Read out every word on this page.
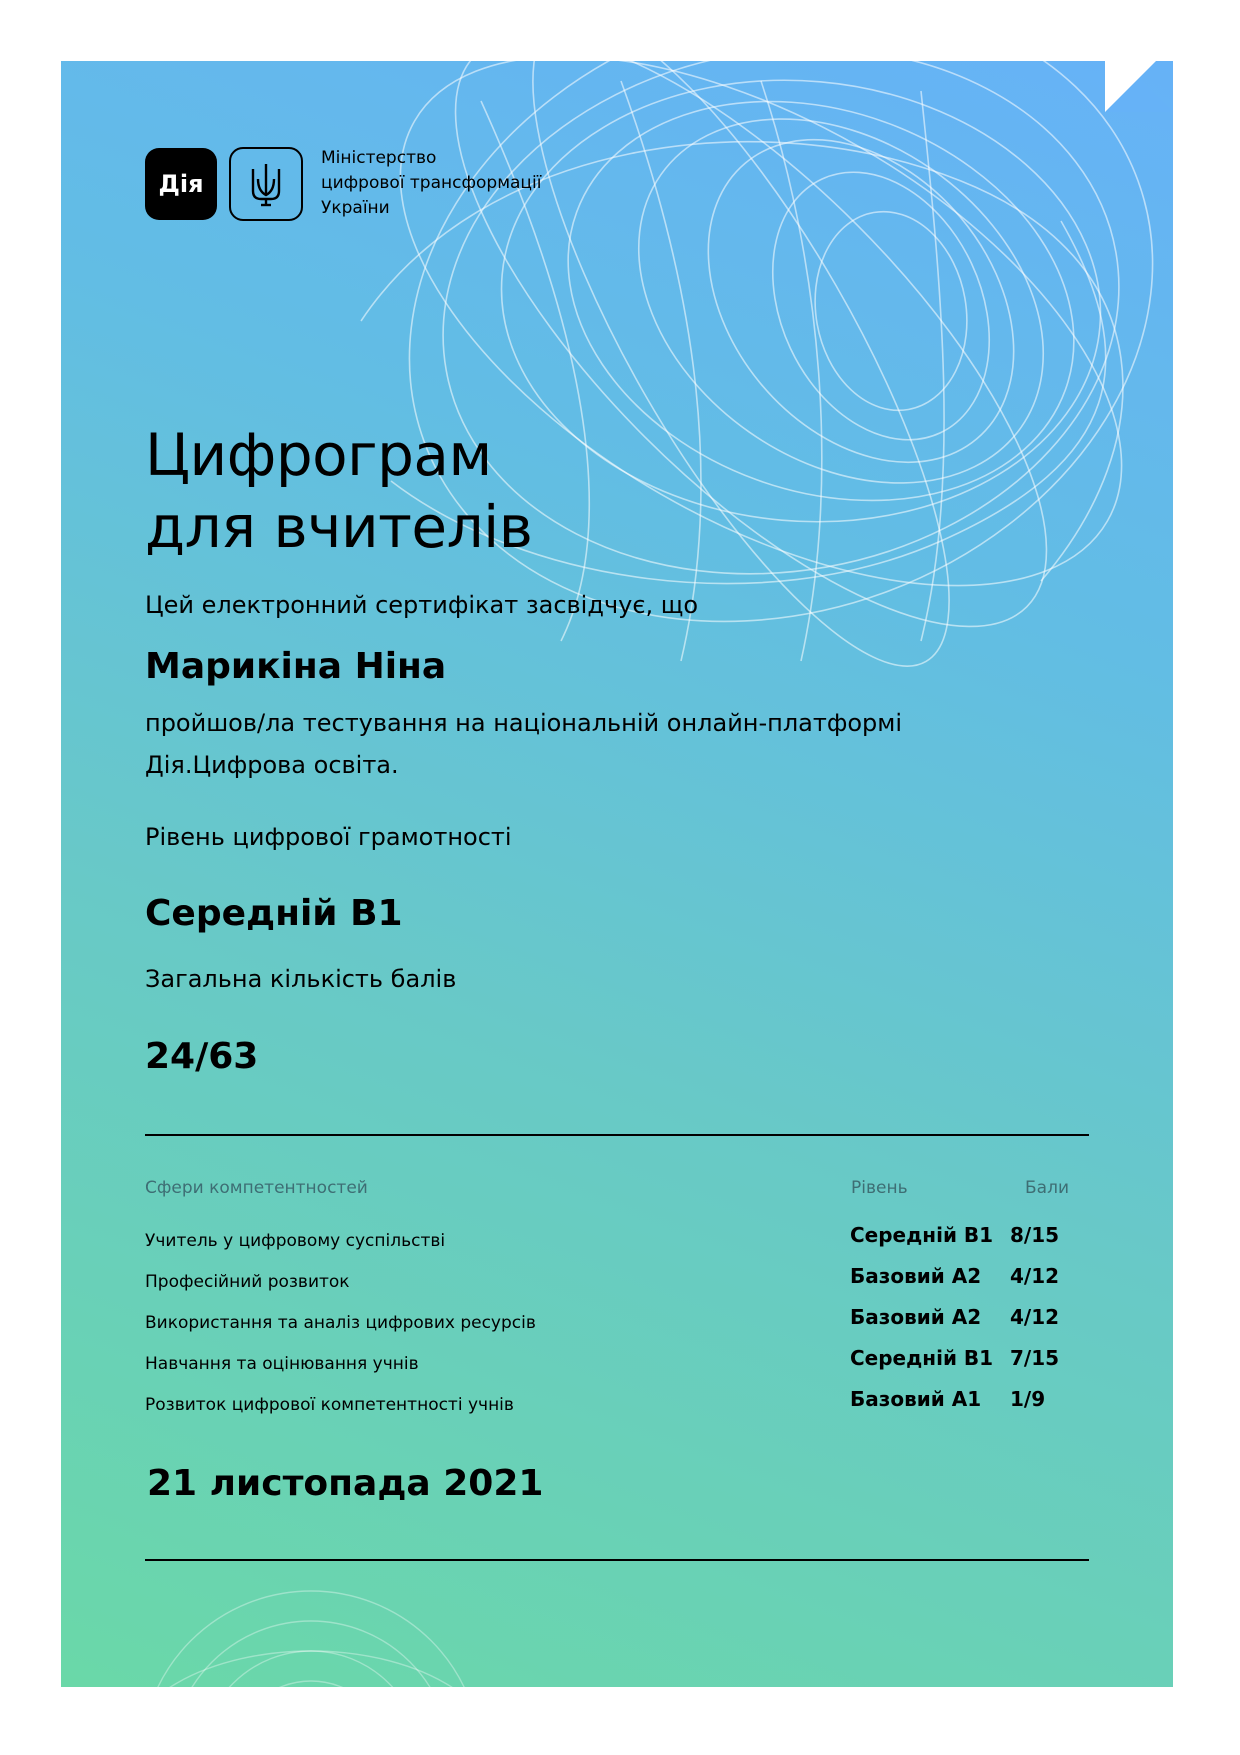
Дія
Міністерство
цифрової трансформації
України
Цифрограм
для вчителів
Цей електронний сертифікат засвідчує, що
Марикіна Ніна
пройшов/ла тестування на національній онлайн-платформі
Дія.Цифрова освіта.
Рівень цифрової грамотності
Середній В1
Загальна кількість балів
24/63
Сфери компетентностей	Рівень	Бали
Учитель у цифровому суспільстві	Середній В1 8/15
Професійний розвиток	Базовий А2 4/12
Використання та аналіз цифрових ресурсів	Базовий А2 4/12
Навчання та оцінювання учнів	Середній В1 7/15
Розвиток цифрової компетентності учнів	Базовий А1 1/9
21 листопада 2021
